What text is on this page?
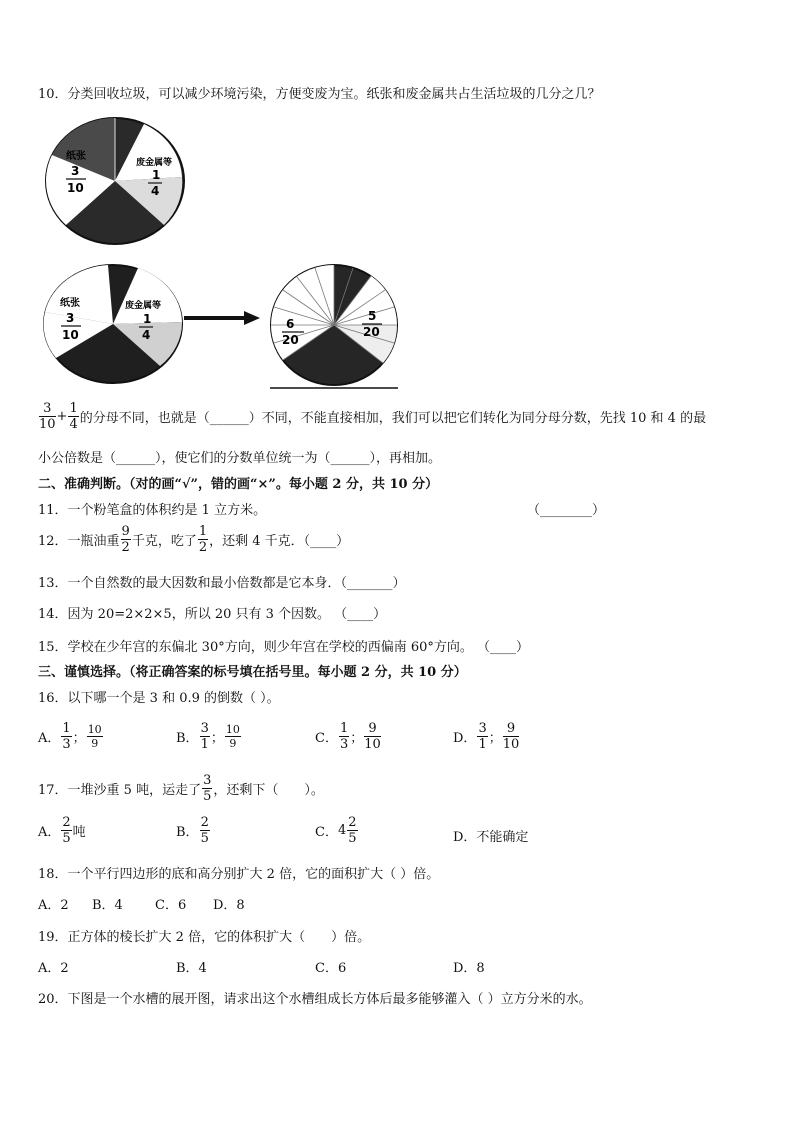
10．分类回收垃圾，可以减少环境污染，方便变废为宝。纸张和废金属共占生活垃圾的几分之几？
纸张
3
10
废金属等
1
4
纸张
3
10
废金属等
1
4
6
20
5
20
$\frac{3}{10} + \frac{1}{4}$ 的分母不同，也就是（______）不同，不能直接相加，我们可以把它们转化为同分母分数，先找 10 和 4 的最
小公倍数是（______），使它们的分数单位统一为（______），再相加。
二、准确判断。（对的画“√”，错的画“×”。每小题 2 分，共 10 分）
11．一个粉笔盒的体积约是 1 立方米。	（________）
12．一瓶油重 $\frac{9}{2}$ 千克，吃了 $\frac{1}{2}$ ，还剩 4 千克．（____）
13．一个自然数的最大因数和最小倍数都是它本身．（_______）
14．因为 20=2×2×5，所以 20 只有 3 个因数。 （____）
15．学校在少年宫的东偏北 30°方向，则少年宫在学校的西偏南 60°方向。 （____）
三、谨慎选择。（将正确答案的标号填在括号里。每小题 2 分，共 10 分）
16．以下哪一个是 3 和 0.9 的倒数（ ）。
A． $\frac{1}{3}$ ； $\frac{10}{9}$	B． $\frac{3}{1}$ ； $\frac{10}{9}$	C． $\frac{1}{3}$ ； $\frac{9}{10}$	D． $\frac{3}{1}$ ； $\frac{9}{10}$
17．一堆沙重 5 吨，运走了 $\frac{3}{5}$ ，还剩下（　　）。
A． $\frac{2}{5}$ 吨	B． $\frac{2}{5}$	C．$4 \frac{2}{5}$	D．不能确定
18．一个平行四边形的底和高分别扩大 2 倍，它的面积扩大（ ）倍。
A．2 B．4 C．6 D．8
19．正方体的棱长扩大 2 倍，它的体积扩大（　　）倍。
A．2	B．4	C．6	D．8
20．下图是一个水槽的展开图，请求出这个水槽组成长方体后最多能够灌入（ ）立方分米的水。
